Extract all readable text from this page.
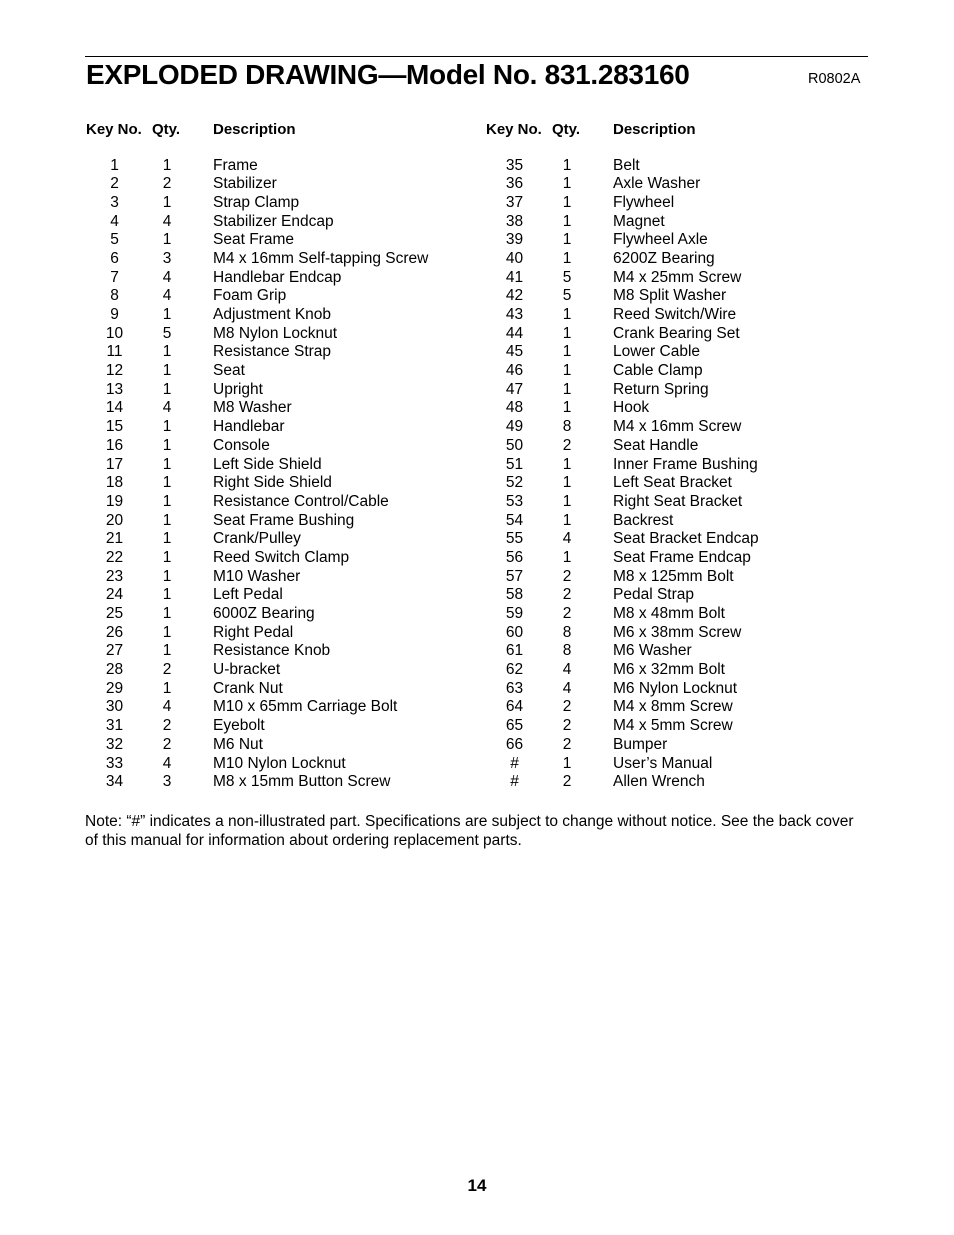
EXPLODED DRAWING—Model No. 831.283160	R0802A
Key No. Qty. Description
1	1	Frame
2	2	Stabilizer
3	1	Strap Clamp
4	4	Stabilizer Endcap
5	1	Seat Frame
6	3	M4 x 16mm Self-tapping Screw
7	4	Handlebar Endcap
8	4	Foam Grip
9	1	Adjustment Knob
10	5	M8 Nylon Locknut
11	1	Resistance Strap
12	1	Seat
13	1	Upright
14	4	M8 Washer
15	1	Handlebar
16	1	Console
17	1	Left Side Shield
18	1	Right Side Shield
19	1	Resistance Control/Cable
20	1	Seat Frame Bushing
21	1	Crank/Pulley
22	1	Reed Switch Clamp
23	1	M10 Washer
24	1	Left Pedal
25	1	6000Z Bearing
26	1	Right Pedal
27	1	Resistance Knob
28	2	U-bracket
29	1	Crank Nut
30	4	M10 x 65mm Carriage Bolt
31	2	Eyebolt
32	2	M6 Nut
33	4	M10 Nylon Locknut
34	3	M8 x 15mm Button Screw
Key No. Qty. Description
35	1	Belt
36	1	Axle Washer
37	1	Flywheel
38	1	Magnet
39	1	Flywheel Axle
40	1	6200Z Bearing
41	5	M4 x 25mm Screw
42	5	M8 Split Washer
43	1	Reed Switch/Wire
44	1	Crank Bearing Set
45	1	Lower Cable
46	1	Cable Clamp
47	1	Return Spring
48	1	Hook
49	8	M4 x 16mm Screw
50	2	Seat Handle
51	1	Inner Frame Bushing
52	1	Left Seat Bracket
53	1	Right Seat Bracket
54	1	Backrest
55	4	Seat Bracket Endcap
56	1	Seat Frame Endcap
57	2	M8 x 125mm Bolt
58	2	Pedal Strap
59	2	M8 x 48mm Bolt
60	8	M6 x 38mm Screw
61	8	M6 Washer
62	4	M6 x 32mm Bolt
63	4	M6 Nylon Locknut
64	2	M4 x 8mm Screw
65	2	M4 x 5mm Screw
66	2	Bumper
#	1	User’s Manual
#	2	Allen Wrench
Note: “#” indicates a non-illustrated part. Specifications are subject to change without notice. See the back cover of this manual for information about ordering replacement parts.
14
